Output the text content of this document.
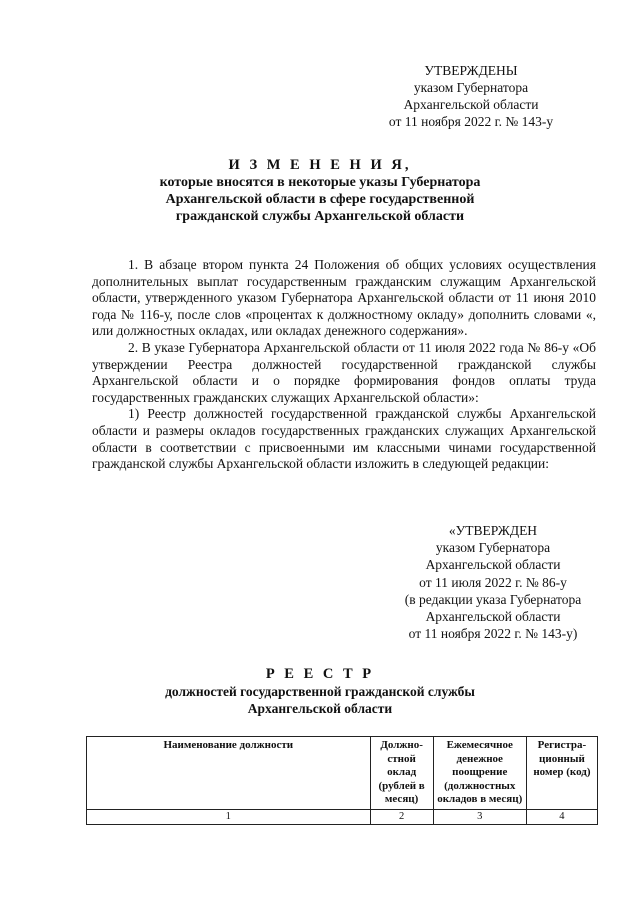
УТВЕРЖДЕНЫ
указом Губернатора
Архангельской области
от 11 ноября 2022 г. № 143-у
И З М Е Н Е Н И Я,
которые вносятся в некоторые указы Губернатора
Архангельской области в сфере государственной
гражданской службы Архангельской области

1. В абзаце втором пункта 24 Положения об общих условиях осуществления дополнительных выплат государственным гражданским служащим Архангельской области, утвержденного указом Губернатора Архангельской области от 11 июня 2010 года № 116-у, после слов «процентах к должностному окладу» дополнить словами «, или должностных окладах, или окладах денежного содержания».

2. В указе Губернатора Архангельской области от 11 июля 2022 года № 86-у «Об утверждении Реестра должностей государственной гражданской службы Архангельской области и о порядке формирования фондов оплаты труда государственных гражданских служащих Архангельской области»:

1) Реестр должностей государственной гражданской службы Архангельской области и размеры окладов государственных гражданских служащих Архангельской области в соответствии с присвоенными им классными чинами государственной гражданской службы Архангельской области изложить в следующей редакции:

«УТВЕРЖДЕН
указом Губернатора
Архангельской области
от 11 июля 2022 г. № 86-у
(в редакции указа Губернатора
Архангельской области
от 11 ноября 2022 г. № 143-у)
Р Е Е С Т Р
должностей государственной гражданской службы
Архангельской области
Наименование должности	Должно-стной оклад (рублей в месяц)	Ежемесячное денежное поощрение (должностных окладов в месяц)	Регистра-ционный номер (код)
1	2	3	4
